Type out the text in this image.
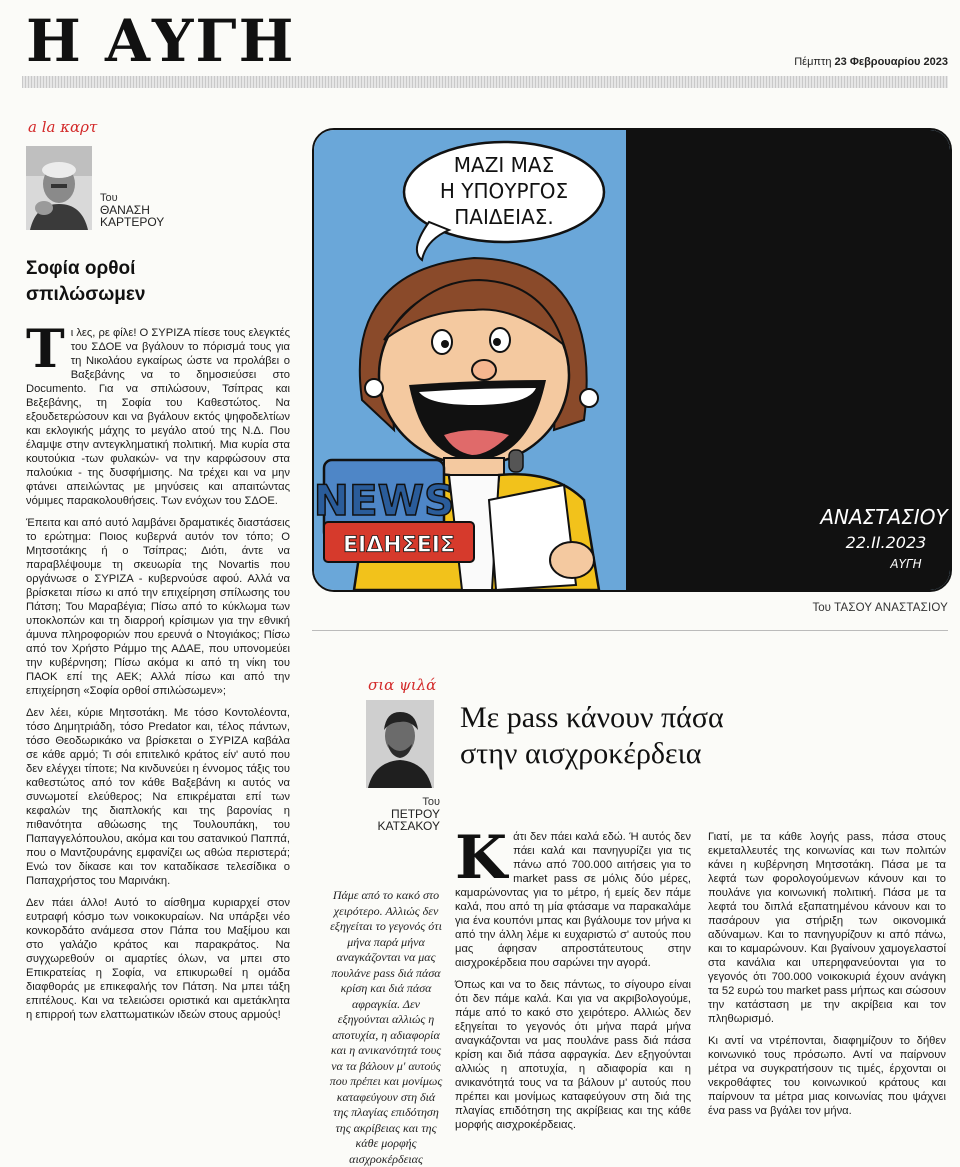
Η ΑΥΓΗ	Πέμπτη 23 Φεβρουαρίου 2023
a la καρτ
Του
ΘΑΝΑΣΗ ΚΑΡΤΕΡΟΥ
Σοφία ορθοί σπιλώσωμεν

Τι λες, ρε φίλε! Ο ΣΥΡΙΖΑ πίεσε τους ελεγκτές του ΣΔΟΕ να βγάλουν το πόρισμά τους για τη Νικολάου εγκαίρως ώστε να προλάβει ο Βαξεβάνης να το δημοσιεύσει στο Documento. Για να σπιλώσουν, Τσίπρας και Βεξεβάνης, τη Σοφία του Καθεστώτος. Να εξουδετερώσουν και να βγάλουν εκτός ψηφοδελτίων και εκλογικής μάχης το μεγάλο ατού της Ν.Δ. Που έλαμψε στην αντεγκληματική πολιτική. Μια κυρία στα κουτούκια -των φυλακών- να την καρφώσουν στα παλούκια - της δυσφήμισης. Να τρέχει και να μην φτάνει απειλώντας με μηνύσεις και απαιτώντας νόμιμες παρακολουθήσεις. Των ενόχων του ΣΔΟΕ.

Έπειτα και από αυτό λαμβάνει δραματικές διαστάσεις το ερώτημα: Ποιος κυβερνά αυτόν τον τόπο; Ο Μητσοτάκης ή ο Τσίπρας; Διότι, άντε να παραβλέψουμε τη σκευωρία της Novartis που οργάνωσε ο ΣΥΡΙΖΑ - κυβερνούσε αφού. Αλλά να βρίσκεται πίσω κι από την επιχείρηση σπίλωσης του Πάτση; Του Μαραβέγια; Πίσω από το κύκλωμα των υποκλοπών και τη διαρροή κρίσιμων για την εθνική άμυνα πληροφοριών που ερευνά ο Ντογιάκος; Πίσω από τον Χρήστο Ράμμο της ΑΔΑΕ, που υπονομεύει την κυβέρνηση; Πίσω ακόμα κι από τη νίκη του ΠΑΟΚ επί της ΑΕΚ; Αλλά πίσω και από την επιχείρηση «Σοφία ορθοί σπιλώσωμεν»;

Δεν λέει, κύριε Μητσοτάκη. Με τόσο Κοντολέοντα, τόσο Δημητριάδη, τόσο Predator και, τέλος πάντων, τόσο Θεοδωρικάκο να βρίσκεται ο ΣΥΡΙΖΑ καβάλα σε κάθε αρμό; Τι σόι επιτελικό κράτος είν' αυτό που δεν ελέγχει τίποτε; Να κινδυνεύει η έννομος τάξις του καθεστώτος από τον κάθε Βαξεβάνη κι αυτός να συνωμοτεί ελεύθερος; Να επικρέμαται επί των κεφαλών της διαπλοκής και της βαρονίας η πιθανότητα αθώωσης της Τουλουπάκη, του Παπαγγελόπουλου, ακόμα και του σατανικού Παππά, που ο Μαντζουράνης εμφανίζει ως αθώα περιστερά; Ενώ τον δίκασε και τον καταδίκασε τελεσίδικα ο Παπαχρήστος του Μαρινάκη.

Δεν πάει άλλο! Αυτό το αίσθημα κυριαρχεί στον ευτραφή κόσμο των νοικοκυραίων. Να υπάρξει νέο κονκορδάτο ανάμεσα στον Πάπα του Μαξίμου και στο γαλάζιο κράτος και παρακράτος. Να συγχωρεθούν οι αμαρτίες όλων, να μπει στο Επικρατείας η Σοφία, να επικυρωθεί η ομάδα διαφθοράς με επικεφαλής τον Πάτση. Να μπει τάξη επιτέλους. Και να τελειώσει οριστικά και αμετάκλητα η επιρροή των ελαττωματικών ιδεών στους αρμούς!

ΜΑΖΙ ΜΑΣ
Η ΥΠΟΥΡΓΟΣ
ΠΑΙΔΕΙΑΣ.
NEWS
ΕΙΔΗΣΕΙΣ
ΑΝΑΣΤΑΣΙΟΥ
22.II.2023
ΑΥΓΗ
Του ΤΑΣΟΥ ΑΝΑΣΤΑΣΙΟΥ
σια ψιλά
Του
ΠΕΤΡΟΥ ΚΑΤΣΑΚΟΥ
Με pass κάνουν πάσα στην αισχροκέρδεια
Πάμε από το κακό στο χειρότερο. Αλλιώς δεν εξηγείται το γεγονός ότι μήνα παρά μήνα αναγκάζονται να μας πουλάνε pass διά πάσα κρίση και διά πάσα αφραγκία. Δεν εξηγούνται αλλιώς η αποτυχία, η αδιαφορία και η ανικανότητά τους να τα βάλουν μ' αυτούς που πρέπει και μονίμως καταφεύγουν στη διά της πλαγίας επιδότηση της ακρίβειας και της κάθε μορφής αισχροκέρδειας

Κάτι δεν πάει καλά εδώ. Ή αυτός δεν πάει καλά και πανηγυρίζει για τις πάνω από 700.000 αιτήσεις για το market pass σε μόλις δύο μέρες, καμαρώνοντας για το μέτρο, ή εμείς δεν πάμε καλά, που από τη μία φτάσαμε να παρακαλάμε για ένα κουπόνι μπας και βγάλουμε τον μήνα κι από την άλλη λέμε κι ευχαριστώ σ' αυτούς που μας άφησαν απροστάτευτους στην αισχροκέρδεια που σαρώνει την αγορά.

Όπως και να το δεις πάντως, το σίγουρο είναι ότι δεν πάμε καλά. Και για να ακριβολογούμε, πάμε από το κακό στο χειρότερο. Αλλιώς δεν εξηγείται το γεγονός ότι μήνα παρά μήνα αναγκάζονται να μας πουλάνε pass διά πάσα κρίση και διά πάσα αφραγκία. Δεν εξηγούνται αλλιώς η αποτυχία, η αδιαφορία και η ανικανότητά τους να τα βάλουν μ' αυτούς που πρέπει και μονίμως καταφεύγουν στη διά της πλαγίας επιδότηση της ακρίβειας και της κάθε μορφής αισχροκέρδειας.

Γιατί, με τα κάθε λογής pass, πάσα στους εκμεταλλευτές της κοινωνίας και των πολιτών κάνει η κυβέρνηση Μητσοτάκη. Πάσα με τα λεφτά των φορολογούμενων κάνουν και το πουλάνε για κοινωνική πολιτική. Πάσα με τα λεφτά του διπλά εξαπατημένου κάνουν και το πασάρουν για στήριξη των οικονομικά αδύναμων. Και το πανηγυρίζουν κι από πάνω, και το καμαρώνουν. Και βγαίνουν χαμογελαστοί στα κανάλια και υπερηφανεύονται για το γεγονός ότι 700.000 νοικοκυριά έχουν ανάγκη τα 52 ευρώ του market pass μήπως και σώσουν την κατάσταση με την ακρίβεια και τον πληθωρισμό.

Κι αντί να ντρέπονται, διαφημίζουν το δήθεν κοινωνικό τους πρόσωπο. Αντί να παίρνουν μέτρα να συγκρατήσουν τις τιμές, έρχονται οι νεκροθάφτες του κοινωνικού κράτους και παίρνουν τα μέτρα μιας κοινωνίας που ψάχνει ένα pass να βγάλει τον μήνα.
